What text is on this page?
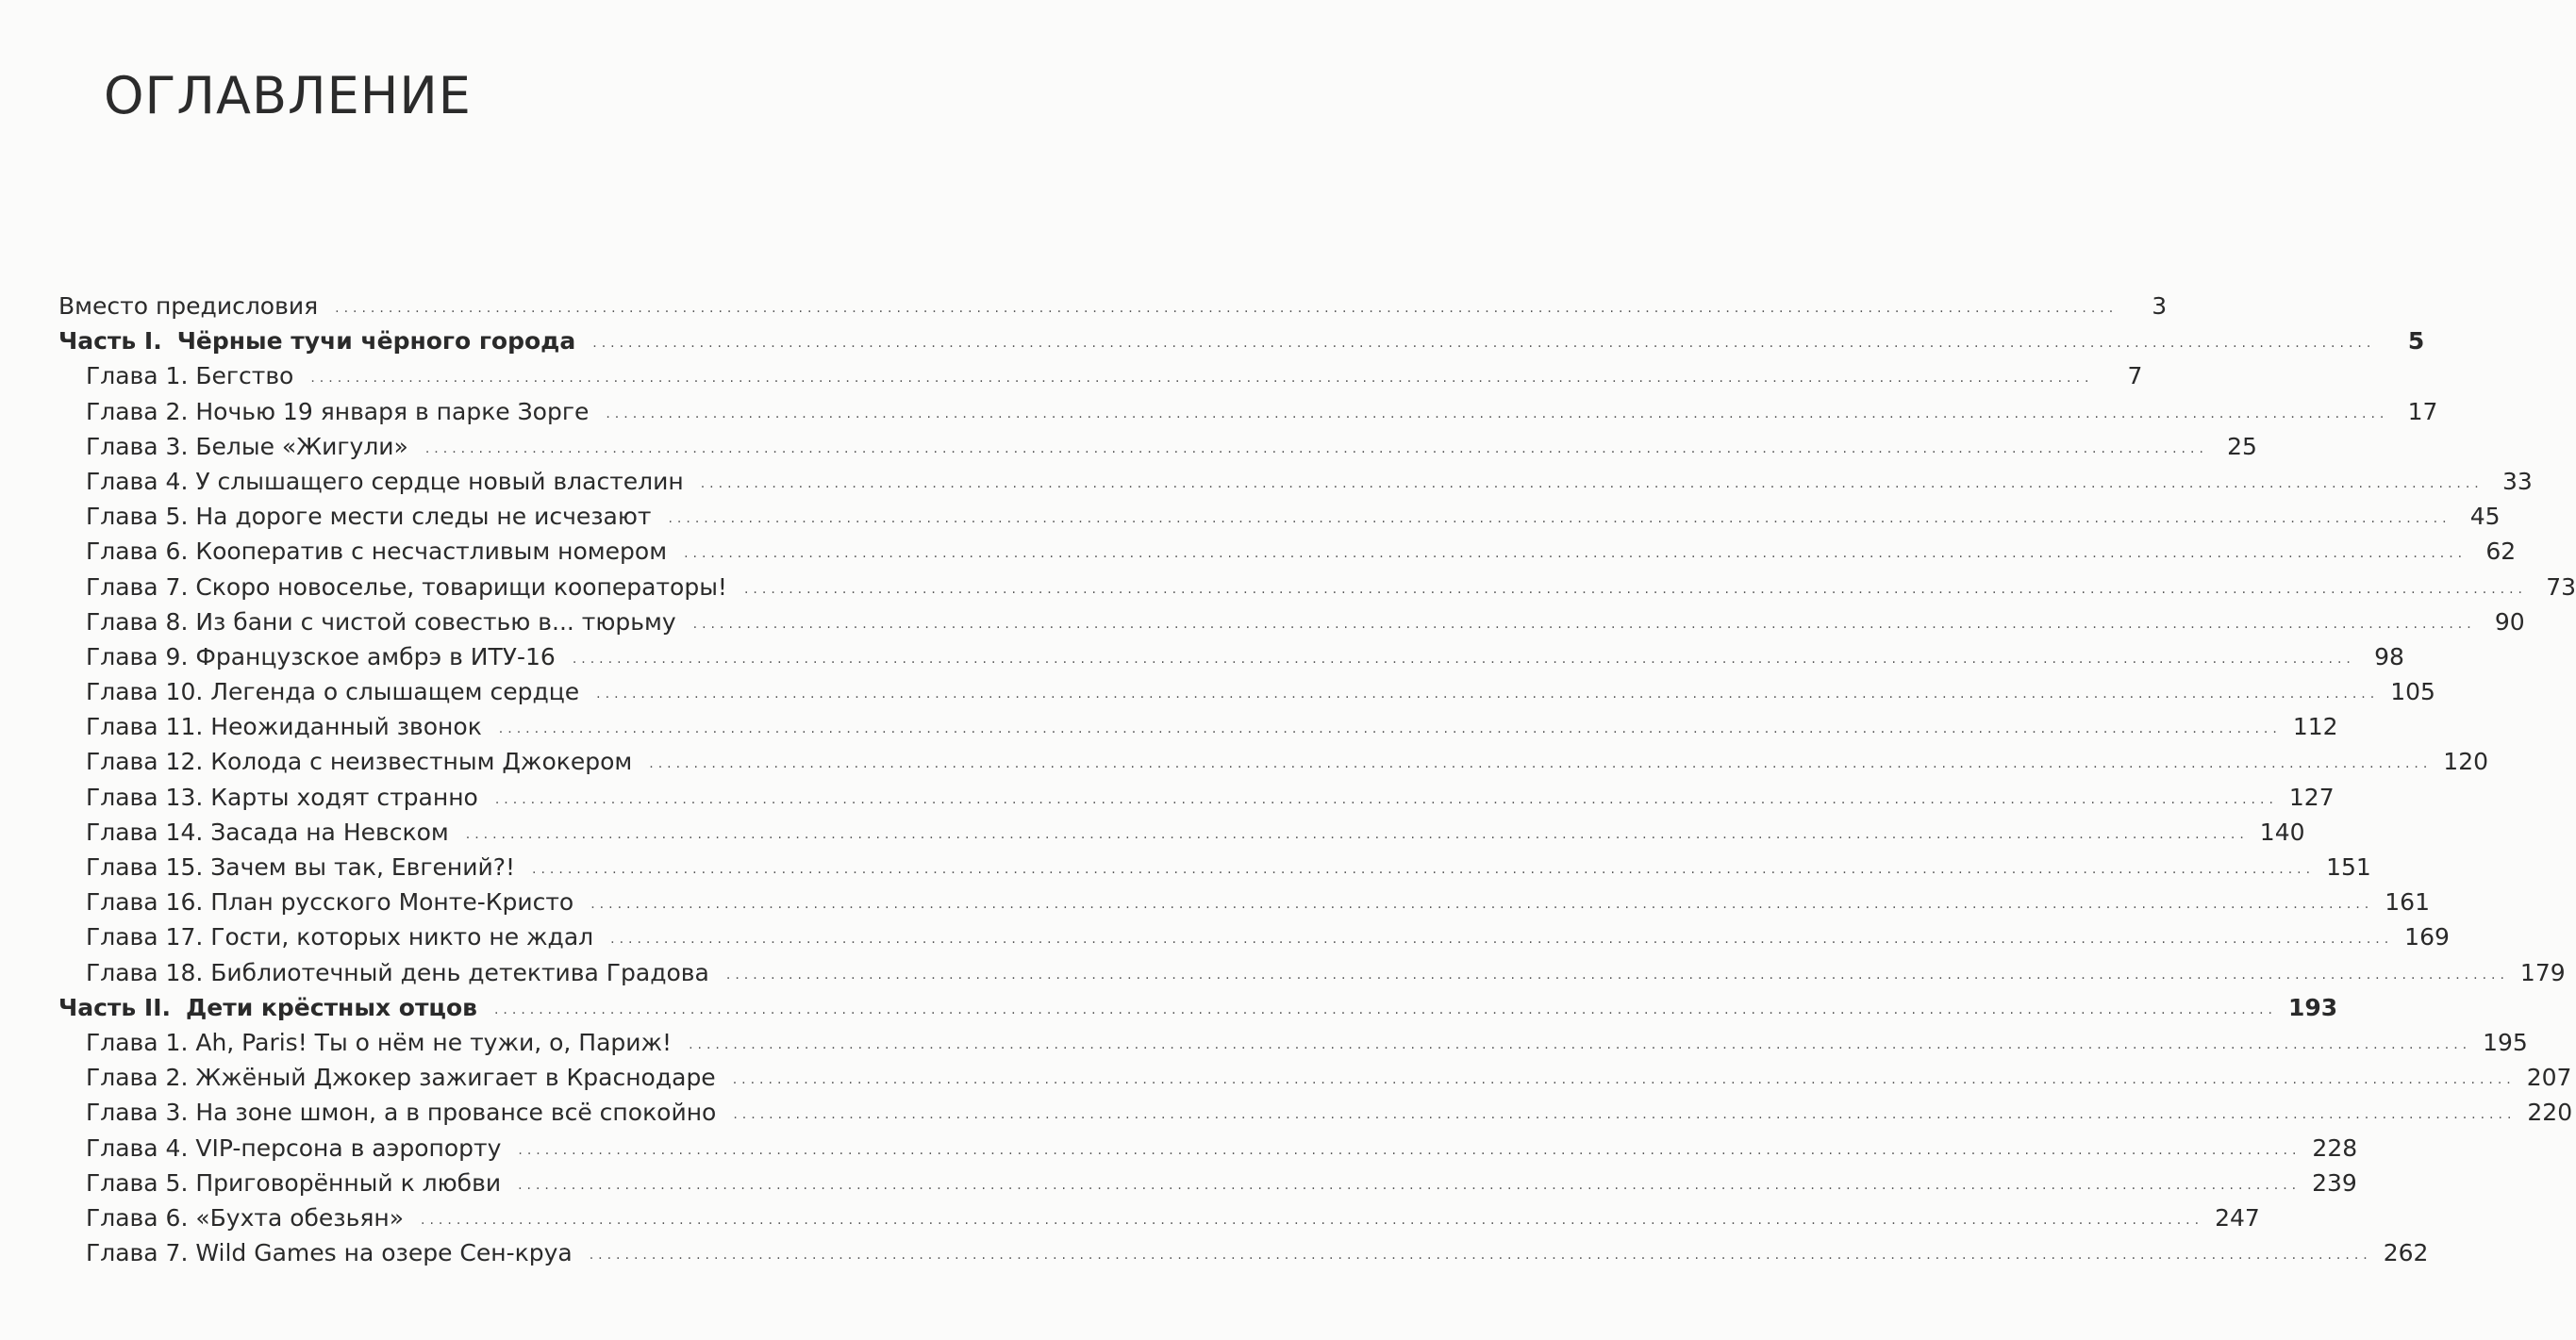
ОГЛАВЛЕНИЕ
Вместо предисловия ........................................................................................................................................................................................................	3
Часть I. Чёрные тучи чёрного города ........................................................................................................................................................................................................	5
Глава 1. Бегство ........................................................................................................................................................................................................	7
Глава 2. Ночью 19 января в парке Зорге ........................................................................................................................................................................................................ 17
Глава 3. Белые «Жигули» ........................................................................................................................................................................................................ 25
Глава 4. У слышащего сердце новый властелин ........................................................................................................................................................................................................ 33
Глава 5. На дороге мести следы не исчезают ........................................................................................................................................................................................................ 45
Глава 6. Кооператив с несчастливым номером ........................................................................................................................................................................................................ 62
Глава 7. Скоро новоселье, товарищи кооператоры! ........................................................................................................................................................................................................ 73
Глава 8. Из бани с чистой совестью в... тюрьму ........................................................................................................................................................................................................ 90
Глава 9. Французское амбрэ в ИТУ-16 ........................................................................................................................................................................................................ 98
Глава 10. Легенда о слышащем сердце ........................................................................................................................................................................................................ 105
Глава 11. Неожиданный звонок ........................................................................................................................................................................................................ 112
Глава 12. Колода с неизвестным Джокером ........................................................................................................................................................................................................ 120
Глава 13. Карты ходят странно ........................................................................................................................................................................................................ 127
Глава 14. Засада на Невском ........................................................................................................................................................................................................ 140
Глава 15. Зачем вы так, Евгений?! ........................................................................................................................................................................................................ 151
Глава 16. План русского Монте-Кристо ........................................................................................................................................................................................................ 161
Глава 17. Гости, которых никто не ждал ........................................................................................................................................................................................................ 169
Глава 18. Библиотечный день детектива Градова ........................................................................................................................................................................................................ 179
Часть II. Дети крёстных отцов ........................................................................................................................................................................................................ 193
Глава 1. Ah, Paris! Ты о нём не тужи, о, Париж! ........................................................................................................................................................................................................ 195
Глава 2. Жжёный Джокер зажигает в Краснодаре ........................................................................................................................................................................................................ 207
Глава 3. На зоне шмон, а в провансе всё спокойно ........................................................................................................................................................................................................ 220
Глава 4. VIP-персона в аэропорту ........................................................................................................................................................................................................ 228
Глава 5. Приговорённый к любви ........................................................................................................................................................................................................ 239
Глава 6. «Бухта обезьян» ........................................................................................................................................................................................................ 247
Глава 7. Wild Games на озере Сен-круа ........................................................................................................................................................................................................ 262
